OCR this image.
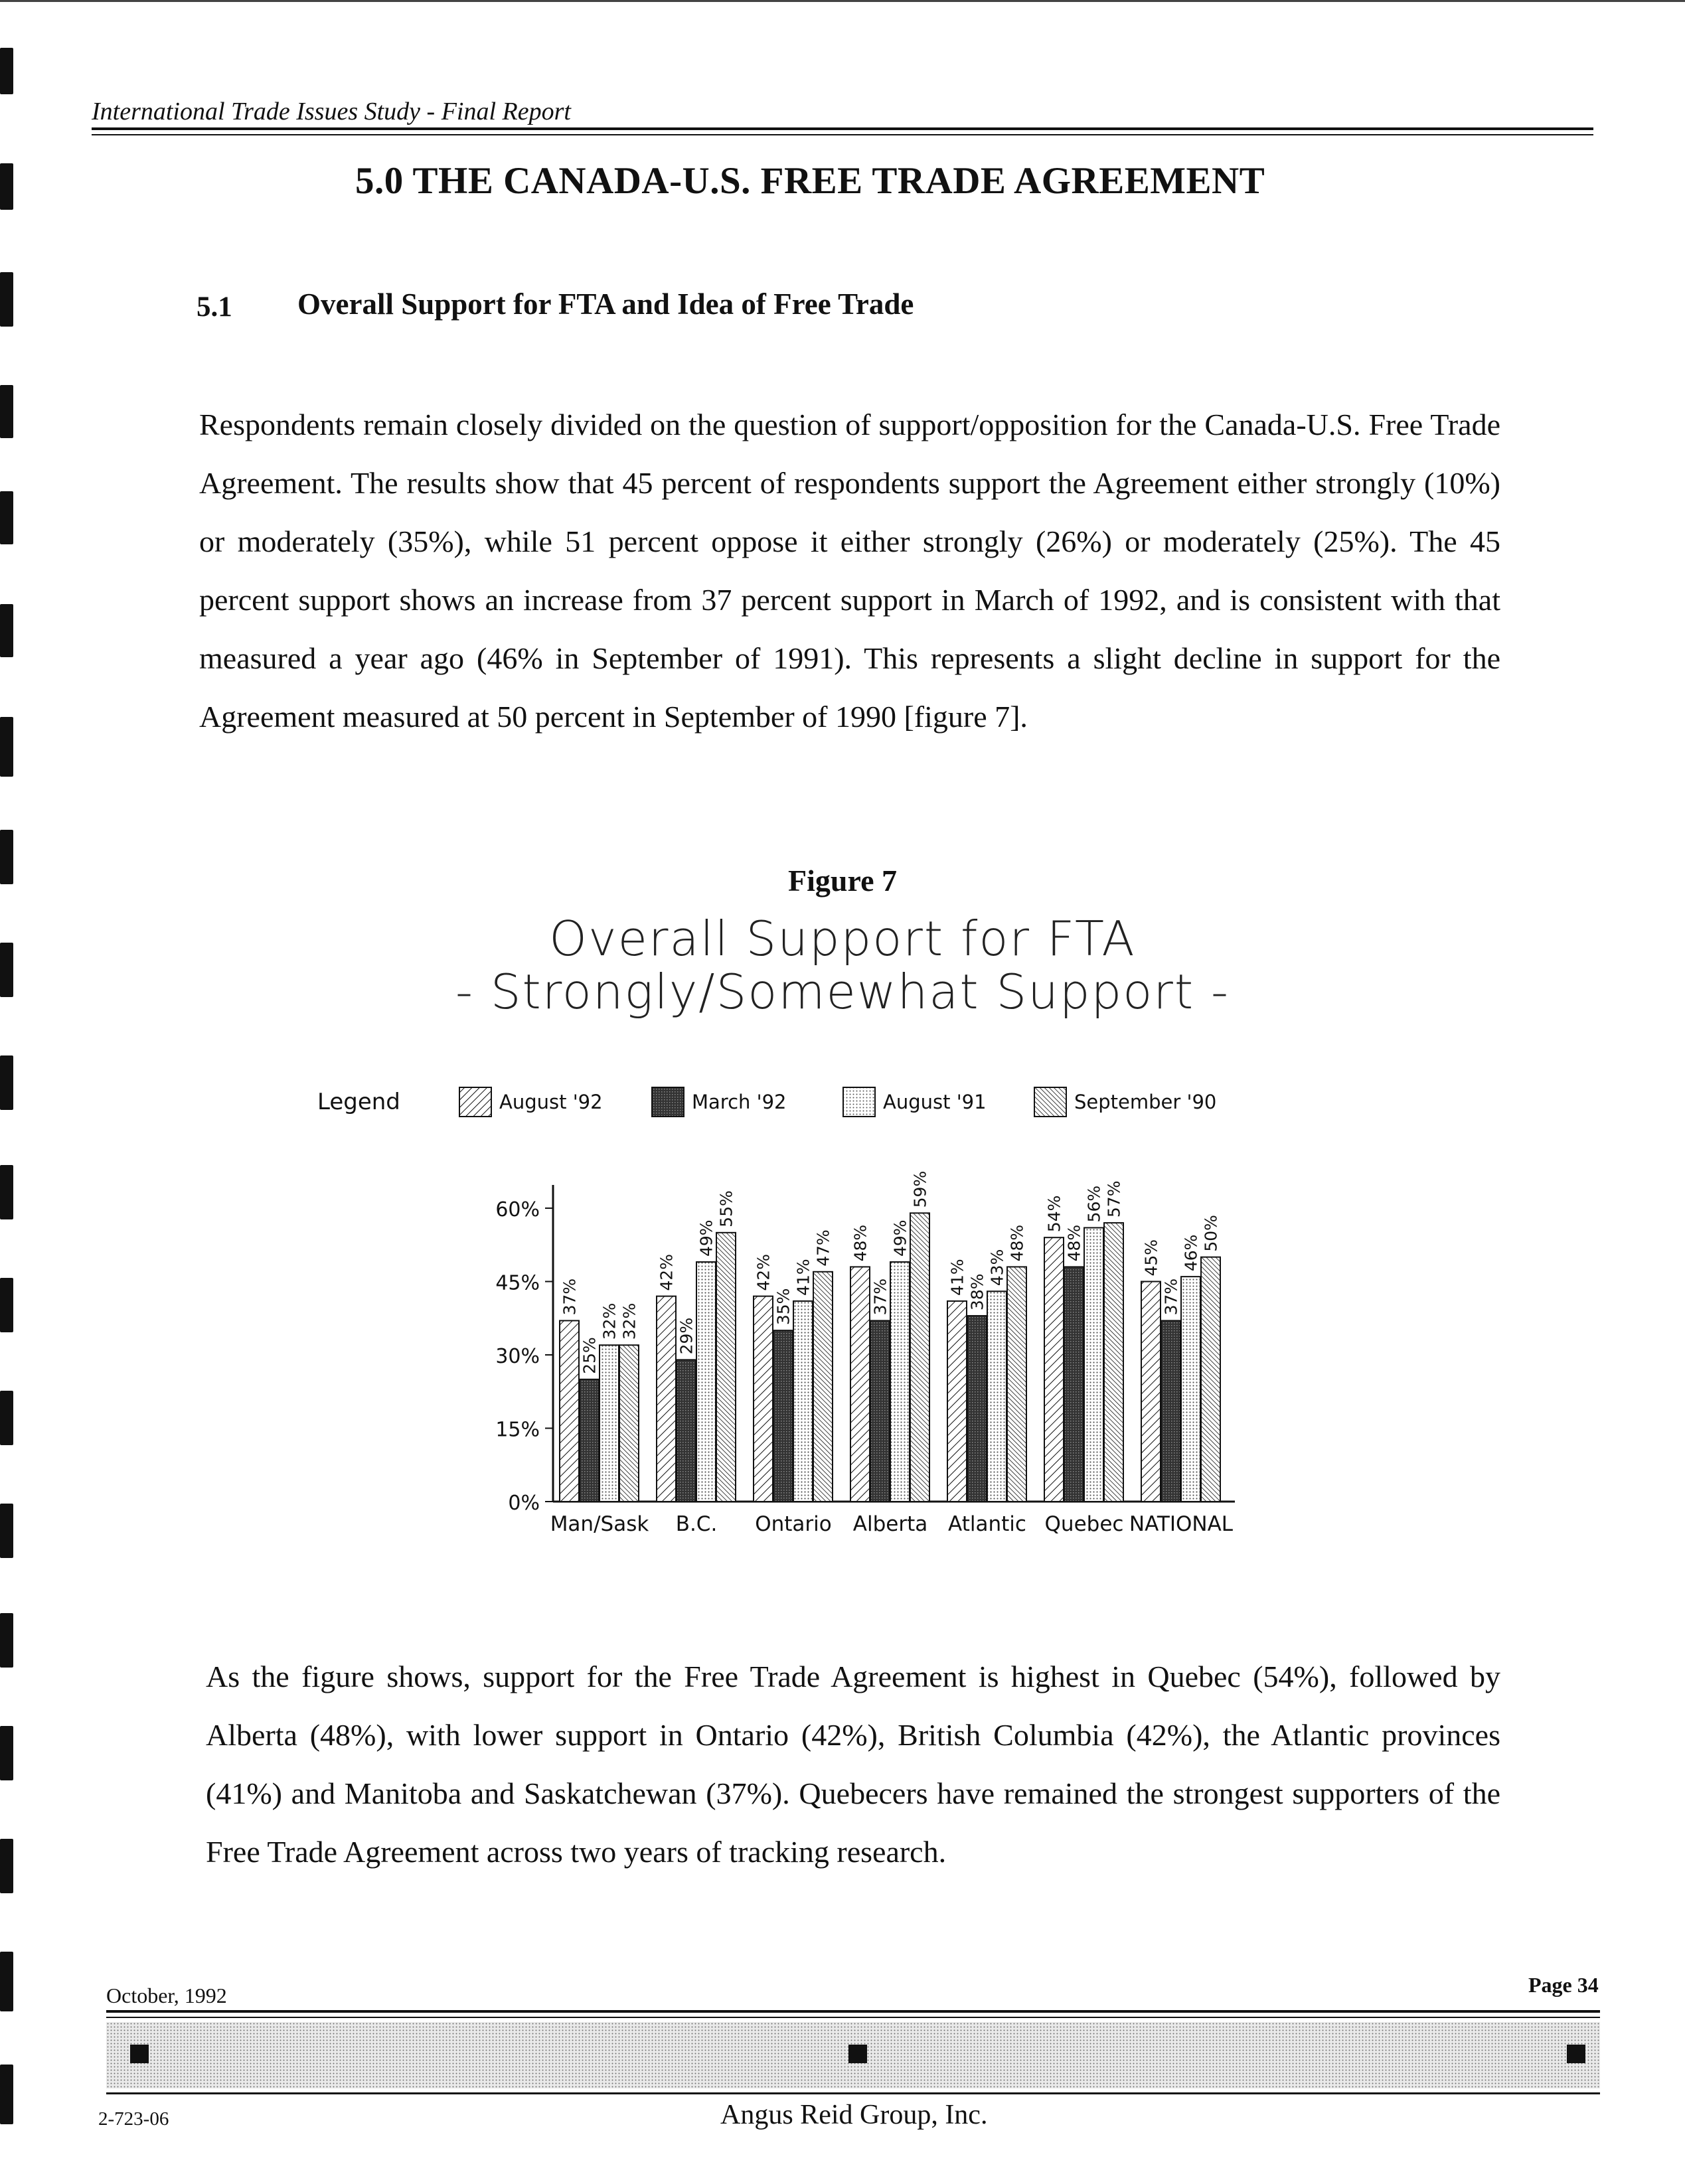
International Trade Issues Study - Final Report
5.0 THE CANADA-U.S. FREE TRADE AGREEMENT
5.1 Overall Support for FTA and Idea of Free Trade
Respondents remain closely divided on the question of support/opposition for the Canada-U.S. Free Trade Agreement. The results show that 45 percent of respondents support the Agreement either strongly (10%) or moderately (35%), while 51 percent oppose it either strongly (26%) or moderately (25%). The 45 percent support shows an increase from 37 percent support in March of 1992, and is consistent with that measured a year ago (46% in September of 1991). This represents a slight decline in support for the Agreement measured at 50 percent in September of 1990 [figure 7].
Figure 7
Overall Support for FTA
- Strongly/Somewhat Support -
Legend	August '92	March '92	August '91	September '90
0%
15%
30%
45%
60%
37%
25%
32% 32%
Man/Sask
42%
29%
49%
55%
B.C.
42%
35%
41%
47%
Ontario
48%
37%
49%
59%
Alberta
41% 38%
43%
48%
Atlantic
54%
48%
56% 57%
Quebec
45%
37%
46%
50%
NATIONAL
As the figure shows, support for the Free Trade Agreement is highest in Quebec (54%), followed by Alberta (48%), with lower support in Ontario (42%), British Columbia (42%), the Atlantic provinces (41%) and Manitoba and Saskatchewan (37%). Quebecers have remained the strongest supporters of the Free Trade Agreement across two years of tracking research.
October, 1992	Page 34
2-723-06	Angus Reid Group, Inc.
